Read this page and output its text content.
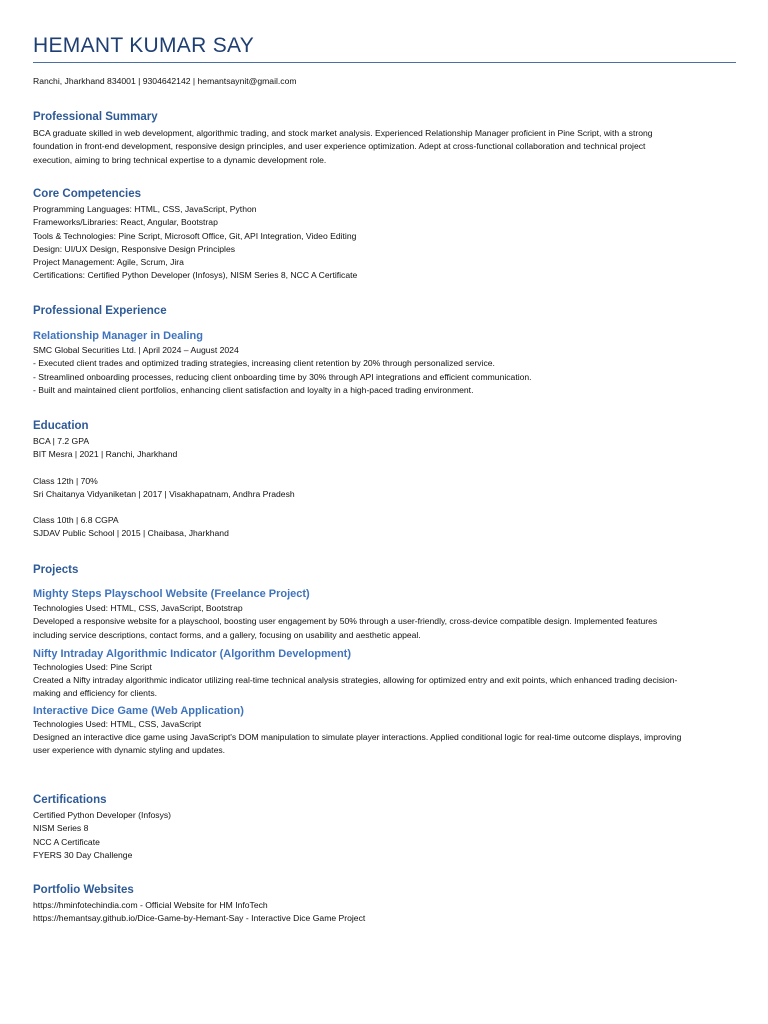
HEMANT KUMAR SAY
Ranchi, Jharkhand 834001 | 9304642142 | hemantsaynit@gmail.com
Professional Summary

BCA graduate skilled in web development, algorithmic trading, and stock market analysis. Experienced Relationship Manager proficient in Pine Script, with a strong

foundation in front-end development, responsive design principles, and user experience optimization. Adept at cross-functional collaboration and technical project

execution, aiming to bring technical expertise to a dynamic development role.

Core Competencies

Programming Languages: HTML, CSS, JavaScript, Python

Frameworks/Libraries: React, Angular, Bootstrap

Tools & Technologies: Pine Script, Microsoft Office, Git, API Integration, Video Editing

Design: UI/UX Design, Responsive Design Principles

Project Management: Agile, Scrum, Jira

Certifications: Certified Python Developer (Infosys), NISM Series 8, NCC A Certificate

Professional Experience
Relationship Manager in Dealing

SMC Global Securities Ltd. | April 2024 – August 2024

- Executed client trades and optimized trading strategies, increasing client retention by 20% through personalized service.

- Streamlined onboarding processes, reducing client onboarding time by 30% through API integrations and efficient communication.

- Built and maintained client portfolios, enhancing client satisfaction and loyalty in a high-paced trading environment.

Education

BCA | 7.2 GPA

BIT Mesra | 2021 | Ranchi, Jharkhand

Class 12th | 70%

Sri Chaitanya Vidyaniketan | 2017 | Visakhapatnam, Andhra Pradesh

Class 10th | 6.8 CGPA

SJDAV Public School | 2015 | Chaibasa, Jharkhand

Projects
Mighty Steps Playschool Website (Freelance Project)

Technologies Used: HTML, CSS, JavaScript, Bootstrap

Developed a responsive website for a playschool, boosting user engagement by 50% through a user-friendly, cross-device compatible design. Implemented features

including service descriptions, contact forms, and a gallery, focusing on usability and aesthetic appeal.

Nifty Intraday Algorithmic Indicator (Algorithm Development)

Technologies Used: Pine Script

Created a Nifty intraday algorithmic indicator utilizing real-time technical analysis strategies, allowing for optimized entry and exit points, which enhanced trading decision-

making and efficiency for clients.

Interactive Dice Game (Web Application)

Technologies Used: HTML, CSS, JavaScript

Designed an interactive dice game using JavaScript's DOM manipulation to simulate player interactions. Applied conditional logic for real-time outcome displays, improving

user experience with dynamic styling and updates.

Certifications

Certified Python Developer (Infosys)

NISM Series 8

NCC A Certificate

FYERS 30 Day Challenge

Portfolio Websites

https://hminfotechindia.com - Official Website for HM InfoTech

https://hemantsay.github.io/Dice-Game-by-Hemant-Say - Interactive Dice Game Project
